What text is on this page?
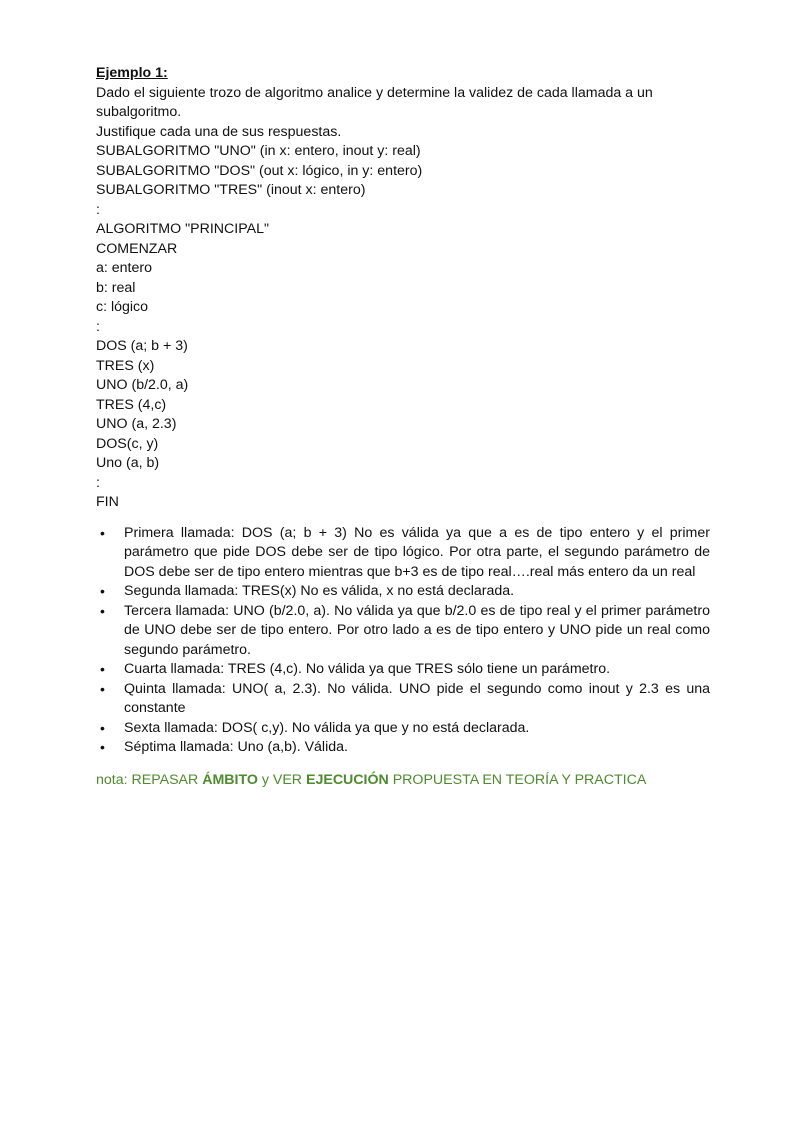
Ejemplo 1:
Dado el siguiente trozo de algoritmo analice y determine la validez de cada llamada a un subalgoritmo.
Justifique cada una de sus respuestas.
SUBALGORITMO "UNO" (in x: entero, inout y: real)
SUBALGORITMO "DOS" (out x: lógico, in y: entero)
SUBALGORITMO "TRES" (inout x: entero)
:
ALGORITMO "PRINCIPAL"
COMENZAR
a: entero
b: real
c: lógico
:
DOS (a; b + 3)
TRES (x)
UNO (b/2.0, a)
TRES (4,c)
UNO (a, 2.3)
DOS(c, y)
Uno (a, b)
:
FIN
• Primera llamada: DOS (a; b + 3) No es válida ya que a es de tipo entero y el primer parámetro que pide DOS debe ser de tipo lógico. Por otra parte, el segundo parámetro de DOS debe ser de tipo entero mientras que b+3 es de tipo real….real más entero da un real
• Segunda llamada: TRES(x) No es válida, x no está declarada.
• Tercera llamada: UNO (b/2.0, a). No válida ya que b/2.0 es de tipo real y el primer parámetro de UNO debe ser de tipo entero. Por otro lado a es de tipo entero y UNO pide un real como segundo parámetro.
• Cuarta llamada: TRES (4,c). No válida ya que TRES sólo tiene un parámetro.
• Quinta llamada: UNO( a, 2.3). No válida. UNO pide el segundo como inout y 2.3 es una constante
• Sexta llamada: DOS( c,y). No válida ya que y no está declarada.
• Séptima llamada: Uno (a,b). Válida.
nota: REPASAR ÁMBITO y VER EJECUCIÓN PROPUESTA EN TEORÍA Y PRACTICA
